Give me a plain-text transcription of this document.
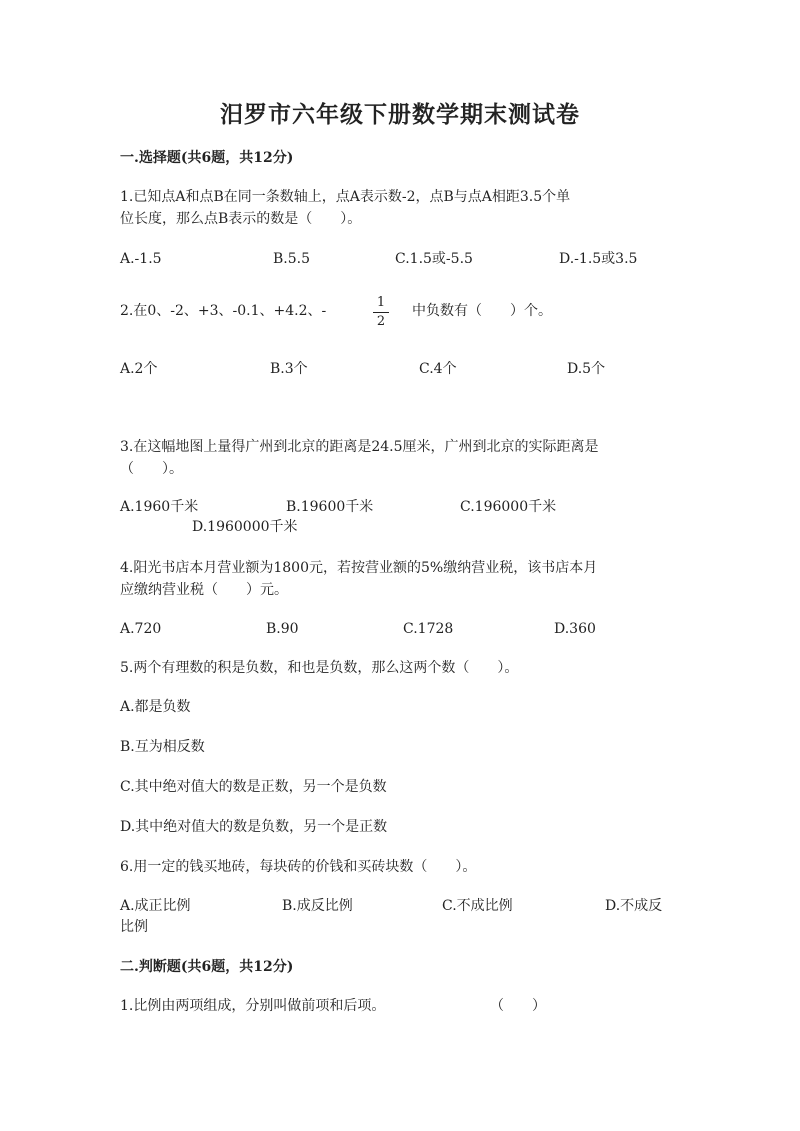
汨罗市六年级下册数学期末测试卷
一.选择题(共6题，共12分)
1.已知点A和点B在同一条数轴上，点A表示数-2，点B与点A相距3.5个单
位长度，那么点B表示的数是（　　）。
A.-1.5	B.5.5	C.1.5或-5.5	D.-1.5或3.5
2.在0、-2、+3、-0.1、+4.2、-
1
2
中负数有（　　）个。
A.2个	B.3个	C.4个	D.5个
3.在这幅地图上量得广州到北京的距离是24.5厘米，广州到北京的实际距离是
（　　）。
A.1960千米	B.19600千米	C.196000千米
D.1960000千米
4.阳光书店本月营业额为1800元，若按营业额的5%缴纳营业税，该书店本月
应缴纳营业税（　　）元。
A.720	B.90	C.1728	D.360
5.两个有理数的积是负数，和也是负数，那么这两个数（　　）。
A.都是负数
B.互为相反数
C.其中绝对值大的数是正数，另一个是负数
D.其中绝对值大的数是负数，另一个是正数
6.用一定的钱买地砖，每块砖的价钱和买砖块数（　　）。
A.成正比例	B.成反比例	C.不成比例	D.不成反
比例
二.判断题(共6题，共12分)
1.比例由两项组成，分别叫做前项和后项。	（　　）
